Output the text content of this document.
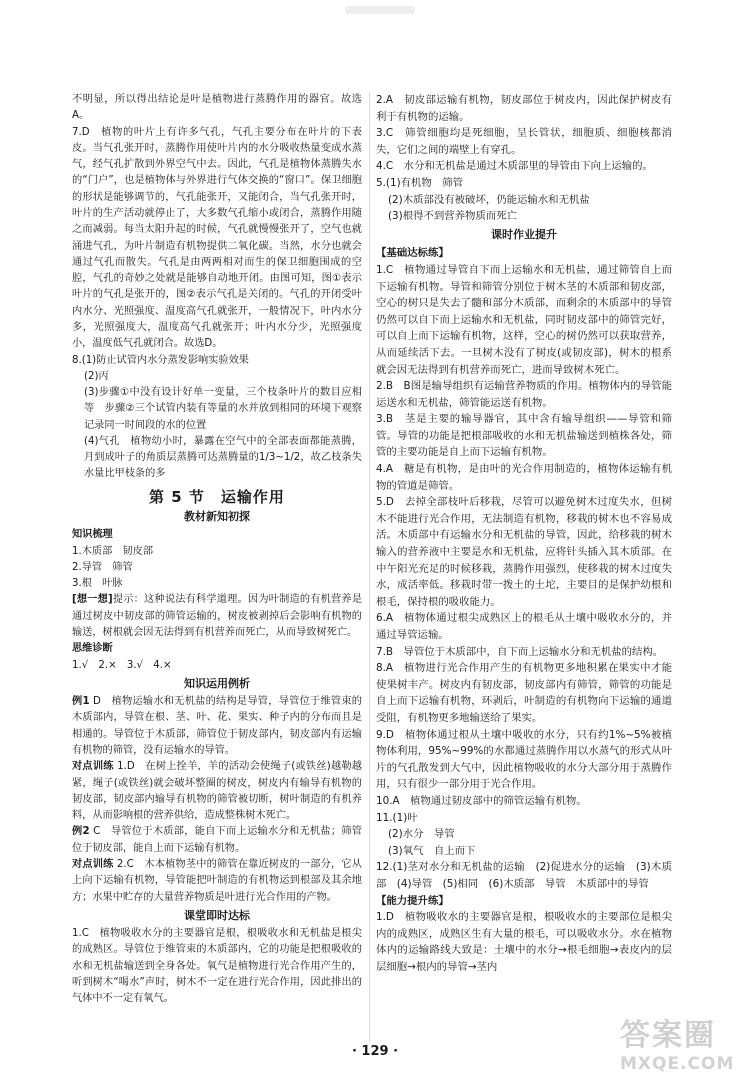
不明显，所以得出结论是叶是植物进行蒸腾作用的器官。故选A。

7.D　植物的叶片上有许多气孔，气孔主要分布在叶片的下表皮。当气孔张开时，蒸腾作用使叶片内的水分吸收热量变成水蒸气，经气孔扩散到外界空气中去。因此，气孔是植物体蒸腾失水的“门户”，也是植物体与外界进行气体交换的“窗口”。保卫细胞的形状是能够调节的，气孔能张开，又能闭合，当气孔张开时，叶片的生产活动就停止了，大多数气孔缩小或闭合，蒸腾作用随之而减弱。每当太阳升起的时候，气孔就慢慢张开了，空气也就涌进气孔，为叶片制造有机物提供二氧化碳。当然，水分也就会通过气孔而散失。气孔是由两两相对而生的保卫细胞围成的空腔，气孔的奇妙之处就是能够自动地开闭。由图可知，图①表示叶片的气孔是张开的，图②表示气孔是关闭的。气孔的开闭受叶内水分、光照强度、温度高气孔就张开，一般情况下，叶内水分多，光照强度大，温度高气孔就张开；叶内水分少，光照强度小，温度低气孔就闭合。故选D。

8.(1)防止试管内水分蒸发影响实验效果

(2)丙

(3)步骤①中没有设计好单一变量，三个枝条叶片的数目应相等　步骤②三个试管内装有等量的水并放到相同的环境下观察记录同一时间段的水的位置

(4)气孔　植物幼小时，暴露在空气中的全部表面都能蒸腾，月到成叶子的角质层蒸腾可达蒸腾量的1/3~1/2，故乙枝条失水量比甲枝条的多

第 5 节　运输作用
教材新知初探

知识梳理

1.木质部　韧皮部

2.导管　筛管

3.根　叶脉

[想一想]提示：这种说法有科学道理。因为叶制造的有机营养是通过树皮中韧皮部的筛管运输的，树皮被剥掉后会影响有机物的输送，树根就会因无法得到有机营养而死亡，从而导致树死亡。

思维诊断

1.√　2.×　3.√　4.×

知识运用例析

例1 D　植物运输水和无机盐的结构是导管，导管位于维管束的木质部内，导管在根、茎、叶、花、果实、种子内的分布而且是相通的。导管位于木质部，筛管位于韧皮部内，韧皮部内有运输有机物的筛管，没有运输水的导管。

对点训练 1.D　在树上拴羊，羊的活动会使绳子(或铁丝)越勒越紧，绳子(或铁丝)就会破坏整圈的树皮，树皮内有输导有机物的韧皮部，韧皮部内输导有机物的筛管被切断，树叶制造的有机养料，从而影响根的营养供给，造成整株树木死亡。

例2 C　导管位于木质部，能自下而上运输水分和无机盐；筛管位于韧皮部，能自上而下运输有机物。

对点训练 2.C　木本植物茎中的筛管在靠近树皮的一部分，它从上向下运输有机物，导管能把叶制造的有机物运到根部及其余地方；水果中贮存的大量营养物质是叶进行光合作用的产物。

课堂即时达标

1.C　植物吸收水分的主要器官是根，根吸收水和无机盐是根尖的成熟区。导管位于维管束的木质部内，它的功能是把根吸收的水和无机盐输送到全身各处。氧气是植物进行光合作用产生的，听到树木“喝水”声时，树木不一定在进行光合作用，因此排出的气体中不一定有氧气。

2.A　韧皮部运输有机物，韧皮部位于树皮内，因此保护树皮有利于有机物的运输。

3.C　筛管细胞均是死细胞，呈长管状，细胞质、细胞核都消失，它们之间的端壁上有穿孔。

4.C　水分和无机盐是通过木质部里的导管由下向上运输的。

5.(1)有机物　筛管

(2)木质部没有被破坏，仍能运输水和无机盐

(3)根得不到营养物质而死亡

课时作业提升

【基础达标练】

1.C　植物通过导管自下而上运输水和无机盐，通过筛管自上而下运输有机物。导管和筛管分别位于树木茎的木质部和韧皮部，空心的树只是失去了髓和部分木质部，而剩余的木质部中的导管仍然可以自下而上运输水和无机盐，同时韧皮部中的筛管完好，可以自上而下运输有机物，这样，空心的树仍然可以获取营养，从而延续活下去。一旦树木没有了树皮(或韧皮部)，树木的根系就会因无法得到有机营养而死亡，进而导致树木死亡。

2.B　B图是输导组织有运输营养物质的作用。植物体内的导管能运送水和无机盐，筛管能运送有机物。

3.B　茎是主要的输导器官，其中含有输导组织——导管和筛管。导管的功能是把根部吸收的水和无机盐输送到植株各处，筛管的主要功能是自上而下运输有机物。

4.A　糖是有机物，是由叶的光合作用制造的，植物体运输有机物的管道是筛管。

5.D　去掉全部枝叶后移栽，尽管可以避免树木过度失水，但树木不能进行光合作用，无法制造有机物，移栽的树木也不容易成活。木质部中有运输水分和无机盐的导管，因此，给移栽的树木输入的营养液中主要是水和无机盐，应将针头插入其木质部。在中午阳光充足的时候移栽，蒸腾作用强烈，使移栽的树木过度失水，成活率低。移栽时带一拨土的土坨，主要目的是保护幼根和根毛，保持根的吸收能力。

6.A　植物体通过根尖成熟区上的根毛从土壤中吸收水分的，并通过导管运输。

7.B　导管位于木质部中，自下而上运输水分和无机盐的结构。

8.A　植物进行光合作用产生的有机物更多地积累在果实中才能使果树丰产。树皮内有韧皮部，韧皮部内有筛管，筛管的功能是自上而下运输有机物，环剥后，叶制造的有机物向下运输的通道受阻，有机物更多地输送给了果实。

9.D　植物体通过根从土壤中吸收的水分，只有约1%~5%被植物体利用，95%~99%的水都通过蒸腾作用以水蒸气的形式从叶片的气孔散发到大气中，因此植物吸收的水分大部分用于蒸腾作用，只有很少一部分用于光合作用。

10.A　植物通过韧皮部中的筛管运输有机物。

11.(1)叶

(2)水分　导管

(3)氧气　自上而下

12.(1)茎对水分和无机盐的运输　(2)促进水分的运输　(3)木质部　(4)导管　(5)相同　(6)木质部　导管　木质部中的导管

【能力提升练】

1.D　植物吸收水的主要器官是根，根吸收水的主要部位是根尖内的成熟区，成熟区生有大量的根毛，可以吸收水分。水在植物体内的运输路线大致是：土壤中的水分→根毛细胞→表皮内的层层细胞→根内的导管→茎内

· 129 ·	答案圈
MXQE.COM
